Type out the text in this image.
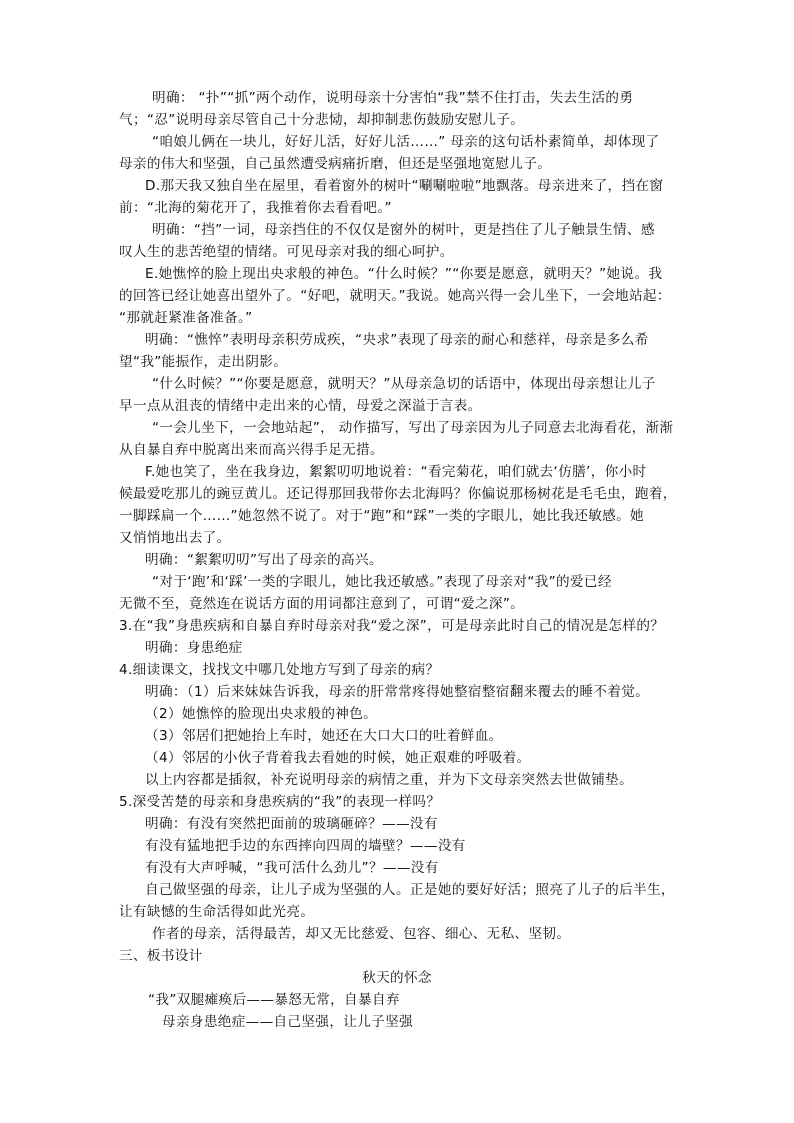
明确： “扑”“抓”两个动作，说明母亲十分害怕“我”禁不住打击，失去生活的勇
气；“忍”说明母亲尽管自己十分悲恸，却抑制悲伤鼓励安慰儿子。
“咱娘儿俩在一块儿，好好儿活，好好儿活……” 母亲的这句话朴素简单，却体现了
母亲的伟大和坚强，自己虽然遭受病痛折磨，但还是坚强地宽慰儿子。
D.那天我又独自坐在屋里，看着窗外的树叶“唰唰啦啦”地飘落。母亲进来了，挡在窗
前：“北海的菊花开了，我推着你去看看吧。”
明确：“挡”一词，母亲挡住的不仅仅是窗外的树叶，更是挡住了儿子触景生情、感
叹人生的悲苦绝望的情绪。可见母亲对我的细心呵护。
E.她憔悴的脸上现出央求般的神色。“什么时候？”“你要是愿意，就明天？”她说。我
的回答已经让她喜出望外了。“好吧，就明天。”我说。她高兴得一会儿坐下，一会地站起：
“那就赶紧准备准备。”
明确：“憔悴”表明母亲积劳成疾，“央求”表现了母亲的耐心和慈祥，母亲是多么希
望“我”能振作，走出阴影。
“什么时候？”“你要是愿意，就明天？”从母亲急切的话语中，体现出母亲想让儿子
早一点从沮丧的情绪中走出来的心情，母爱之深溢于言表。
“一会儿坐下，一会地站起”， 动作描写，写出了母亲因为儿子同意去北海看花，渐渐
从自暴自弃中脱离出来而高兴得手足无措。
F.她也笑了，坐在我身边，絮絮叨叨地说着：“看完菊花，咱们就去‘仿膳’，你小时
候最爱吃那儿的豌豆黄儿。还记得那回我带你去北海吗？你偏说那杨树花是毛毛虫，跑着，
一脚踩扁一个……”她忽然不说了。对于“跑”和“踩”一类的字眼儿，她比我还敏感。她
又悄悄地出去了。
明确：“絮絮叨叨”写出了母亲的高兴。
“对于‘跑’和‘踩’一类的字眼儿，她比我还敏感。”表现了母亲对“我”的爱已经
无微不至，竟然连在说话方面的用词都注意到了，可谓“爱之深”。
3.在“我”身患疾病和自暴自弃时母亲对我“爱之深”，可是母亲此时自己的情况是怎样的？
明确：身患绝症
4.细读课文，找找文中哪几处地方写到了母亲的病？
明确：（1）后来妹妹告诉我，母亲的肝常常疼得她整宿整宿翻来覆去的睡不着觉。
（2）她憔悴的脸现出央求般的神色。
（3）邻居们把她抬上车时，她还在大口大口的吐着鲜血。
（4）邻居的小伙子背着我去看她的时候，她正艰难的呼吸着。
以上内容都是插叙，补充说明母亲的病情之重，并为下文母亲突然去世做铺垫。
5.深受苦楚的母亲和身患疾病的“我”的表现一样吗？
明确：有没有突然把面前的玻璃砸碎？——没有
有没有猛地把手边的东西摔向四周的墙壁？——没有
有没有大声呼喊，“我可活什么劲儿”？——没有
自己做坚强的母亲，让儿子成为坚强的人。正是她的要好好活；照亮了儿子的后半生，
让有缺憾的生命活得如此光亮。
作者的母亲，活得最苦，却又无比慈爱、包容、细心、无私、坚韧。
三、板书设计
秋天的怀念
“我”双腿瘫痪后——暴怒无常，自暴自弃
母亲身患绝症——自己坚强，让儿子坚强
